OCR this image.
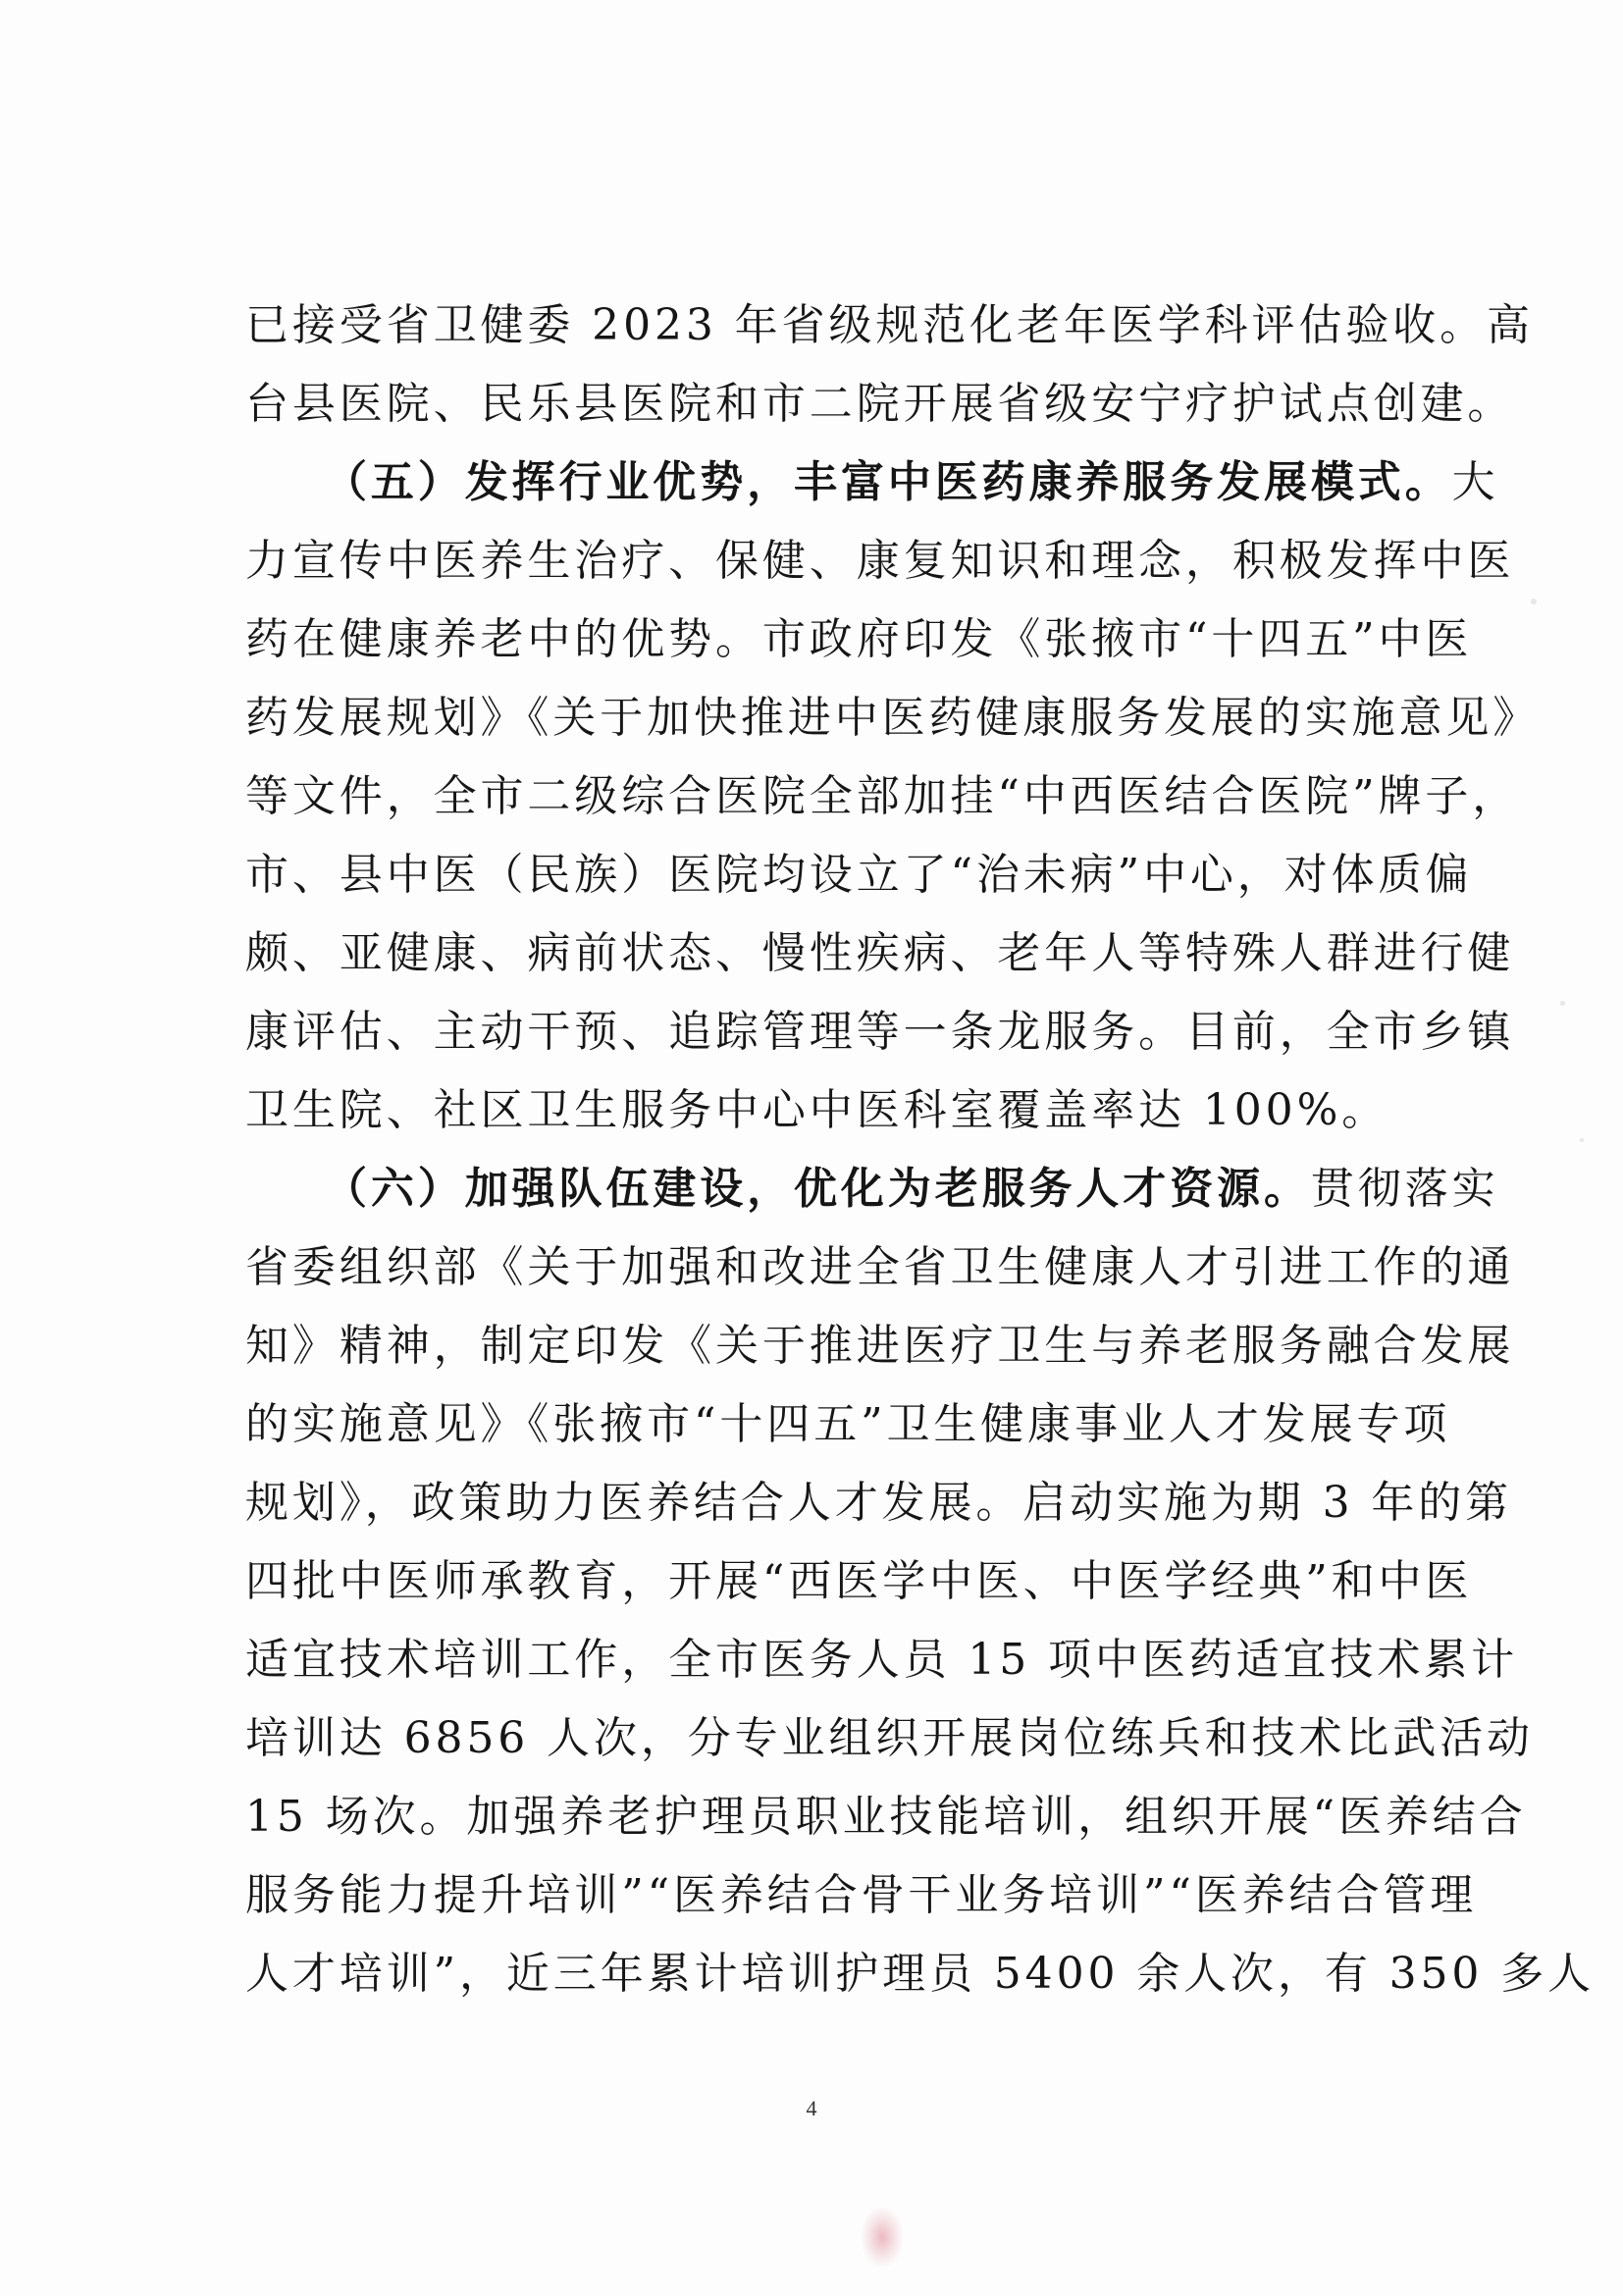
已接受省卫健委 2023 年省级规范化老年医学科评估验收。高

台县医院、民乐县医院和市二院开展省级安宁疗护试点创建。

（五）发挥行业优势，丰富中医药康养服务发展模式。大

力宣传中医养生治疗、保健、康复知识和理念，积极发挥中医

药在健康养老中的优势。市政府印发《张掖市“十四五”中医

药发展规划》《关于加快推进中医药健康服务发展的实施意见》

等文件，全市二级综合医院全部加挂“中西医结合医院”牌子，

市、县中医（民族）医院均设立了“治未病”中心，对体质偏

颇、亚健康、病前状态、慢性疾病、老年人等特殊人群进行健

康评估、主动干预、追踪管理等一条龙服务。目前，全市乡镇

卫生院、社区卫生服务中心中医科室覆盖率达 100%。

（六）加强队伍建设，优化为老服务人才资源。贯彻落实

省委组织部《关于加强和改进全省卫生健康人才引进工作的通

知》精神，制定印发《关于推进医疗卫生与养老服务融合发展

的实施意见》《张掖市“十四五”卫生健康事业人才发展专项

规划》，政策助力医养结合人才发展。启动实施为期 3 年的第

四批中医师承教育，开展“西医学中医、中医学经典”和中医

适宜技术培训工作，全市医务人员 15 项中医药适宜技术累计

培训达 6856 人次，分专业组织开展岗位练兵和技术比武活动

15 场次。加强养老护理员职业技能培训，组织开展“医养结合

服务能力提升培训”“医养结合骨干业务培训”“医养结合管理

人才培训”，近三年累计培训护理员 5400 余人次，有 350 多人

4
